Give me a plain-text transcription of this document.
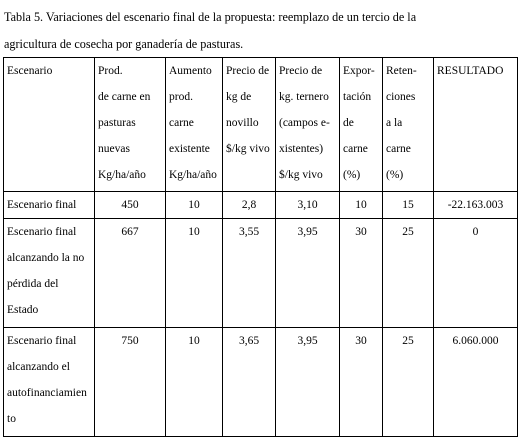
Tabla 5. Variaciones del escenario final de la propuesta: reemplazo de un tercio de la
agricultura de cosecha por ganadería de pasturas.
Escenario	Prod.
de carne en
pasturas
nuevas
Kg/ha/año	Aumento
prod.
carne
existente
Kg/ha/año	Precio de
kg de
novillo
$/kg vivo	Precio de
kg. ternero
(campos e-
xistentes)
$/kg vivo	Expor-
tación
de
carne
(%)	Reten-
ciones
a la
carne (%)	RESULTADO

Escenario final	450	10	2,8	3,10	10	15	-22.163.003

Escenario final
alcanzando la no
pérdida del
Estado	667	10	3,55	3,95	30	25	0

Escenario final
alcanzando el
autofinanciamien
to	750	10	3,65	3,95	30	25	6.060.000
